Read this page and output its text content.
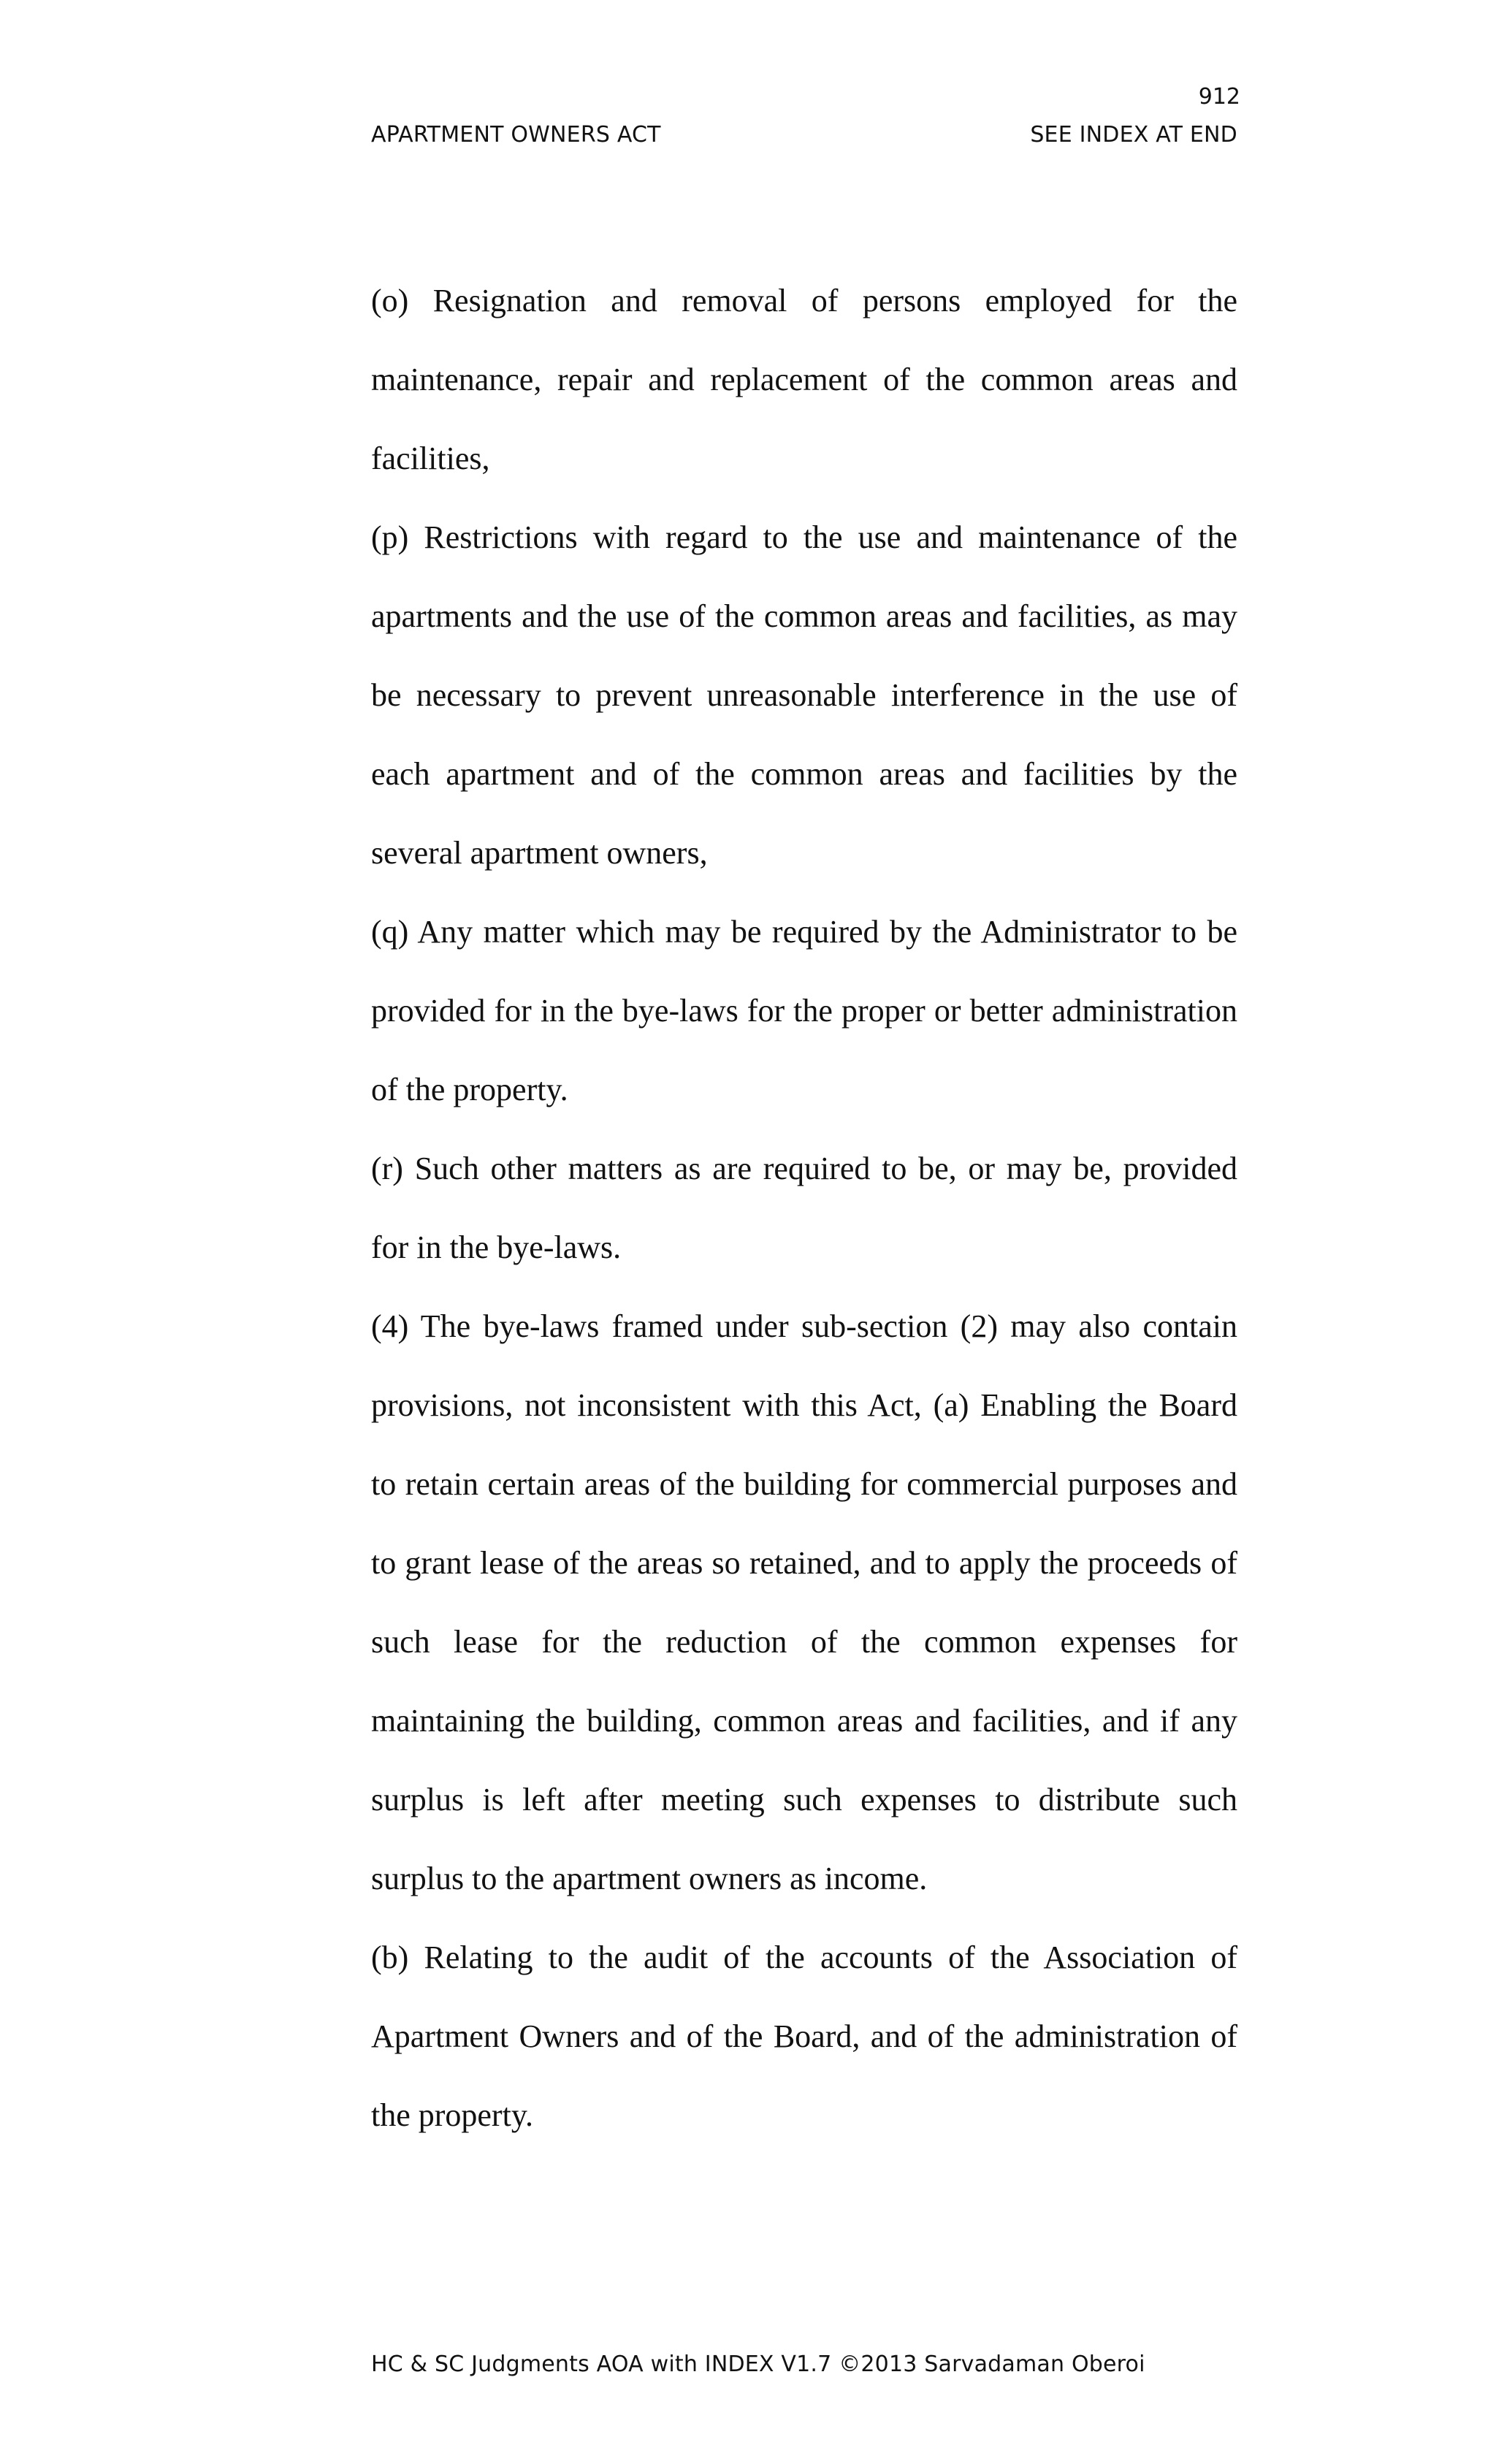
912
APARTMENT OWNERS ACT	SEE INDEX AT END

(o) Resignation and removal of persons employed for the maintenance, repair and replacement of the common areas and facilities,

(p) Restrictions with regard to the use and maintenance of the apartments and the use of the common areas and facilities, as may be necessary to prevent unreasonable interference in the use of each apartment and of the common areas and facilities by the several apartment owners,

(q) Any matter which may be required by the Administrator to be provided for in the bye-laws for the proper or better administration of the property.

(r) Such other matters as are required to be, or may be, provided for in the bye-laws.

(4) The bye-laws framed under sub-section (2) may also contain provisions, not inconsistent with this Act, (a) Enabling the Board to retain certain areas of the building for commercial purposes and to grant lease of the areas so retained, and to apply the proceeds of such lease for the reduction of the common expenses for maintaining the building, common areas and facilities, and if any surplus is left after meeting such expenses to distribute such surplus to the apartment owners as income.

(b) Relating to the audit of the accounts of the Association of Apartment Owners and of the Board, and of the administration of the property.

HC & SC Judgments AOA with INDEX V1.7 ©2013 Sarvadaman Oberoi
